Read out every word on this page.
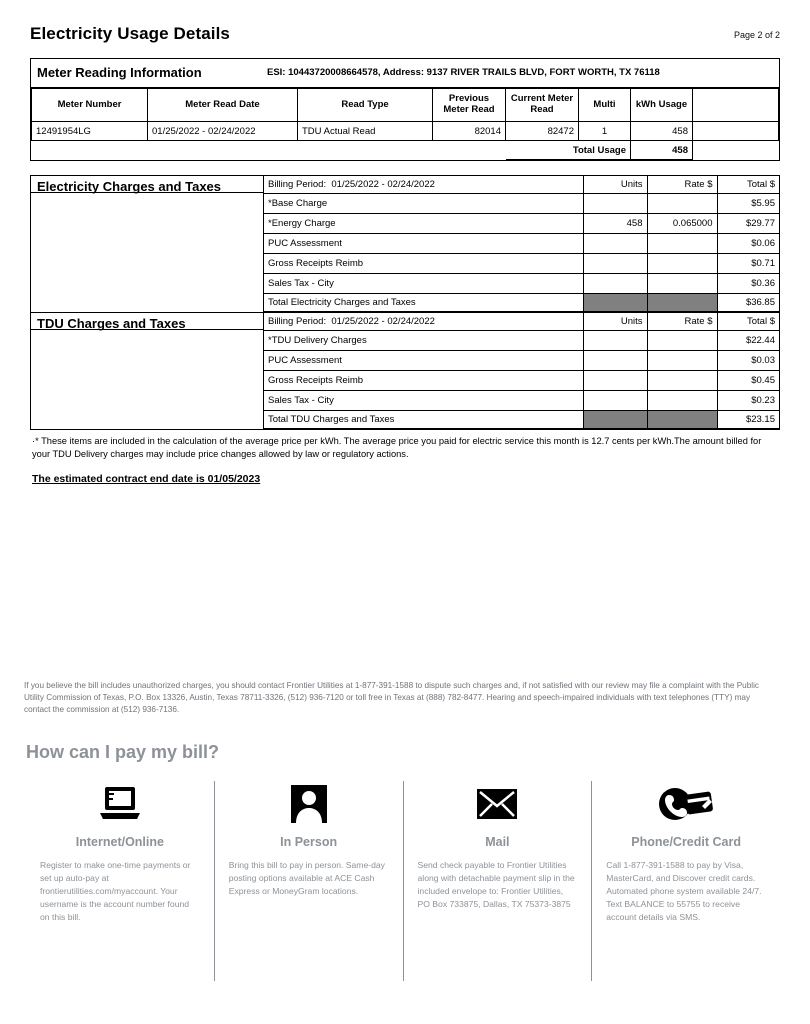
Electricity Usage Details	Page 2 of 2
Meter Reading Information	ESI: 10443720008664578, Address: 9137 RIVER TRAILS BLVD, FORT WORTH, TX 76118
Meter Number	Meter Read Date	Read Type	Previous Meter Read	Current Meter Read	Multi	kWh Usage	
12491954LG	01/25/2022 - 02/24/2022	TDU Actual Read	82014	82472	1	458	
				Total Usage		458	
Electricity Charges and Taxes	Billing Period: 01/25/2022 - 02/24/2022	Units	Rate $	Total $
*Base Charge			$5.95
*Energy Charge	458	0.065000	$29.77
PUC Assessment			$0.06
Gross Receipts Reimb			$0.71
Sales Tax - City			$0.36
Total Electricity Charges and Taxes			$36.85
TDU Charges and Taxes	Billing Period: 01/25/2022 - 02/24/2022	Units	Rate $	Total $
*TDU Delivery Charges			$22.44
PUC Assessment			$0.03
Gross Receipts Reimb			$0.45
Sales Tax - City			$0.23
Total TDU Charges and Taxes			$23.15
·* These items are included in the calculation of the average price per kWh. The average price you paid for electric service this month is 12.7 cents per kWh.The amount billed for your TDU Delivery charges may include price changes allowed by law or regulatory actions.
The estimated contract end date is 01/05/2023
If you believe the bill includes unauthorized charges, you should contact Frontier Utilities at 1-877-391-1588 to dispute such charges and, if not satisfied with our review may file a complaint with the Public Utility Commission of Texas, P.O. Box 13326, Austin, Texas 78711-3326, (512) 936-7120 or toll free in Texas at (888) 782-8477. Hearing and speech-impaired individuals with text telephones (TTY) may contact the commission at (512) 936-7136.
How can I pay my bill?
Internet/Online
Register to make one-time payments or set up auto-pay at frontierutilities.com/myaccount. Your username is the account number found on this bill.
In Person
Bring this bill to pay in person. Same-day posting options available at ACE Cash Express or MoneyGram locations.
Mail
Send check payable to Frontier Utilities along with detachable payment slip in the included envelope to: Frontier Utilities, PO Box 733875, Dallas, TX 75373-3875
Phone/Credit Card
Call 1-877-391-1588 to pay by Visa, MasterCard, and Discover credit cards. Automated phone system available 24/7. Text BALANCE to 55755 to receive account details via SMS.
